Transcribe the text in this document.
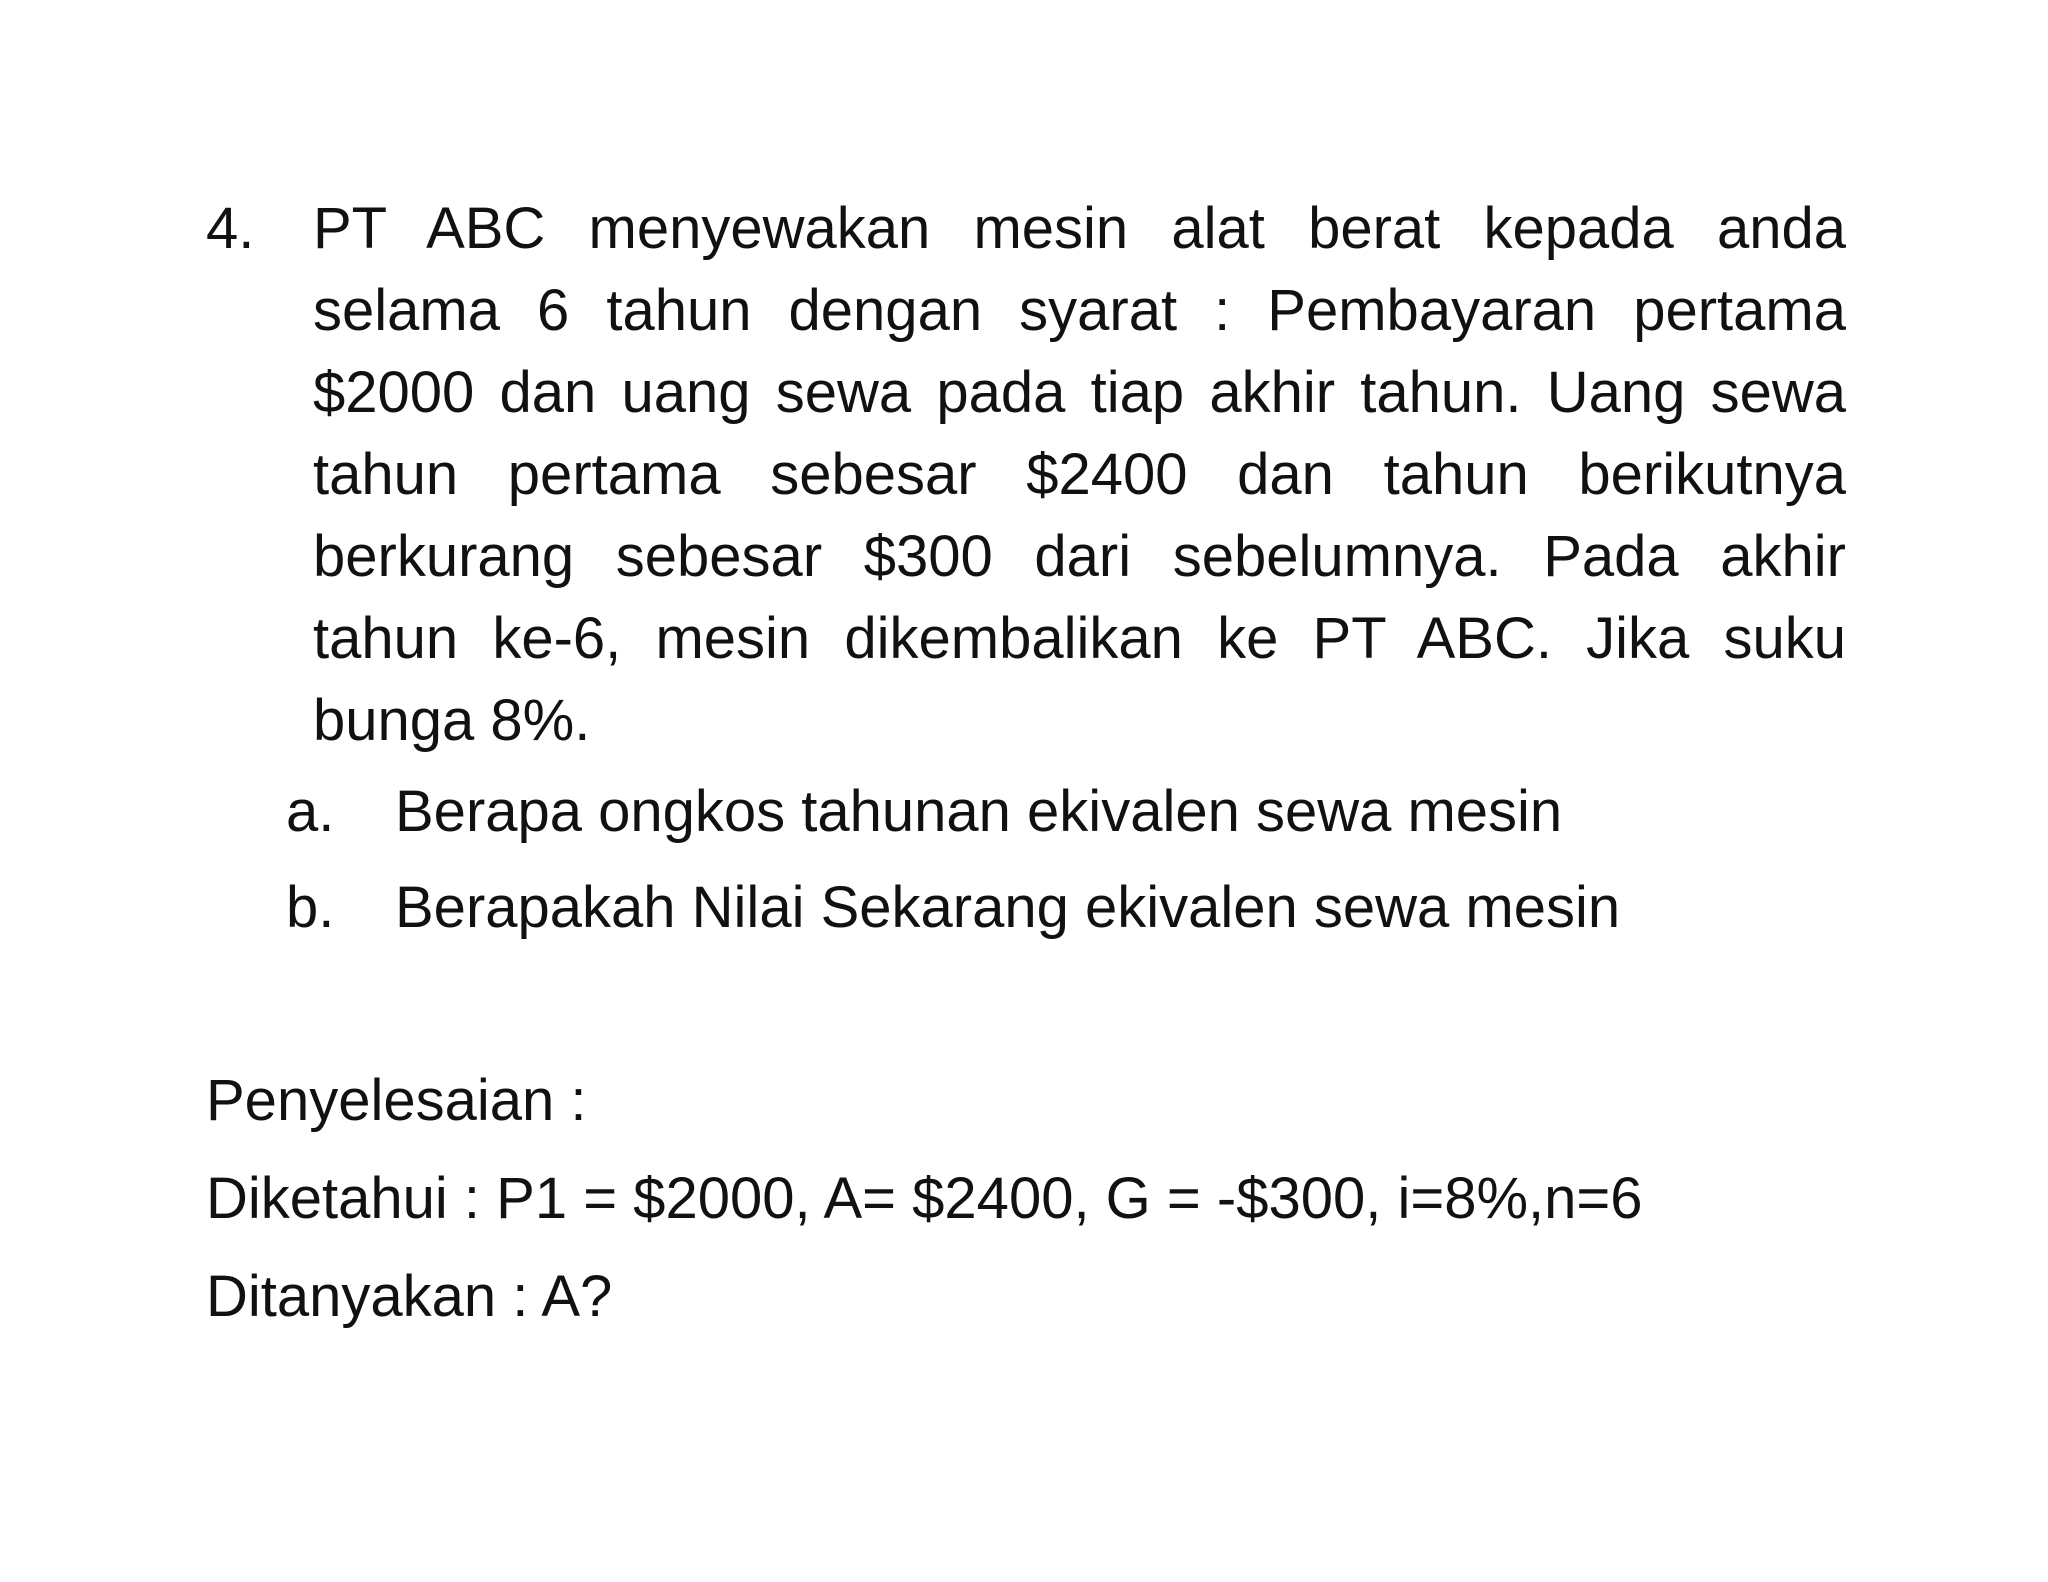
4.	PT ABC menyewakan mesin alat berat kepada anda selama 6 tahun dengan syarat : Pembayaran pertama $2000 dan uang sewa pada tiap akhir tahun. Uang sewa tahun pertama sebesar $2400 dan tahun berikutnya berkurang sebesar $300 dari sebelumnya. Pada akhir tahun ke-6, mesin dikembalikan ke PT ABC. Jika suku bunga 8%.
a. Berapa ongkos tahunan ekivalen sewa mesin
b. Berapakah Nilai Sekarang ekivalen sewa mesin
Penyelesaian :
Diketahui : P1 = $2000, A= $2400, G = -$300, i=8%,n=6
Ditanyakan : A?
